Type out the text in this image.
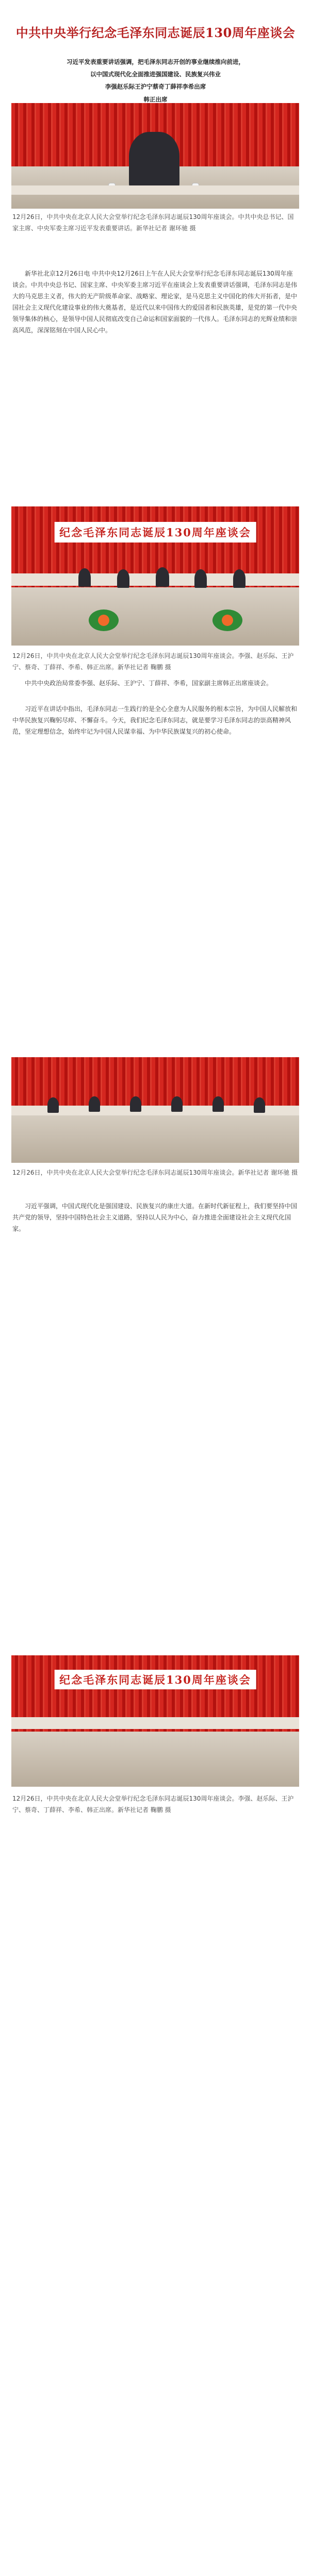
中共中央举行纪念毛泽东同志诞辰130周年座谈会
习近平发表重要讲话强调，把毛泽东同志开创的事业继续推向前进，
以中国式现代化全面推进强国建设、民族复兴伟业
李强赵乐际王沪宁蔡奇丁薛祥李希出席
韩正出席
12月26日，中共中央在北京人民大会堂举行纪念毛泽东同志诞辰130周年座谈会。中共中央总书记、国家主席、中央军委主席习近平发表重要讲话。新华社记者 谢环驰 摄
新华社北京12月26日电 中共中央12月26日上午在人民大会堂举行纪念毛泽东同志诞辰130周年座谈会。中共中央总书记、国家主席、中央军委主席习近平在座谈会上发表重要讲话强调，毛泽东同志是伟大的马克思主义者，伟大的无产阶级革命家、战略家、理论家，是马克思主义中国化的伟大开拓者，是中国社会主义现代化建设事业的伟大奠基者，是近代以来中国伟大的爱国者和民族英雄，是党的第一代中央领导集体的核心，是领导中国人民彻底改变自己命运和国家面貌的一代伟人。毛泽东同志的光辉业绩和崇高风范，深深铭刻在中国人民心中。
纪念毛泽东同志诞辰130周年座谈会
12月26日，中共中央在北京人民大会堂举行纪念毛泽东同志诞辰130周年座谈会。李强、赵乐际、王沪宁、蔡奇、丁薛祥、李希、韩正出席。新华社记者 鞠鹏 摄
中共中央政治局常委李强、赵乐际、王沪宁、丁薛祥、李希，国家副主席韩正出席座谈会。
习近平在讲话中指出，毛泽东同志一生践行的是全心全意为人民服务的根本宗旨，为中国人民解放和中华民族复兴鞠躬尽瘁、不懈奋斗。今天，我们纪念毛泽东同志，就是要学习毛泽东同志的崇高精神风范，坚定理想信念，始终牢记为中国人民谋幸福、为中华民族谋复兴的初心使命。
12月26日，中共中央在北京人民大会堂举行纪念毛泽东同志诞辰130周年座谈会。新华社记者 谢环驰 摄
习近平强调，中国式现代化是强国建设、民族复兴的康庄大道。在新时代新征程上，我们要坚持中国共产党的领导，坚持中国特色社会主义道路，坚持以人民为中心，奋力推进全面建设社会主义现代化国家。
纪念毛泽东同志诞辰130周年座谈会
12月26日，中共中央在北京人民大会堂举行纪念毛泽东同志诞辰130周年座谈会。李强、赵乐际、王沪宁、蔡奇、丁薛祥、李希、韩正出席。新华社记者 鞠鹏 摄
